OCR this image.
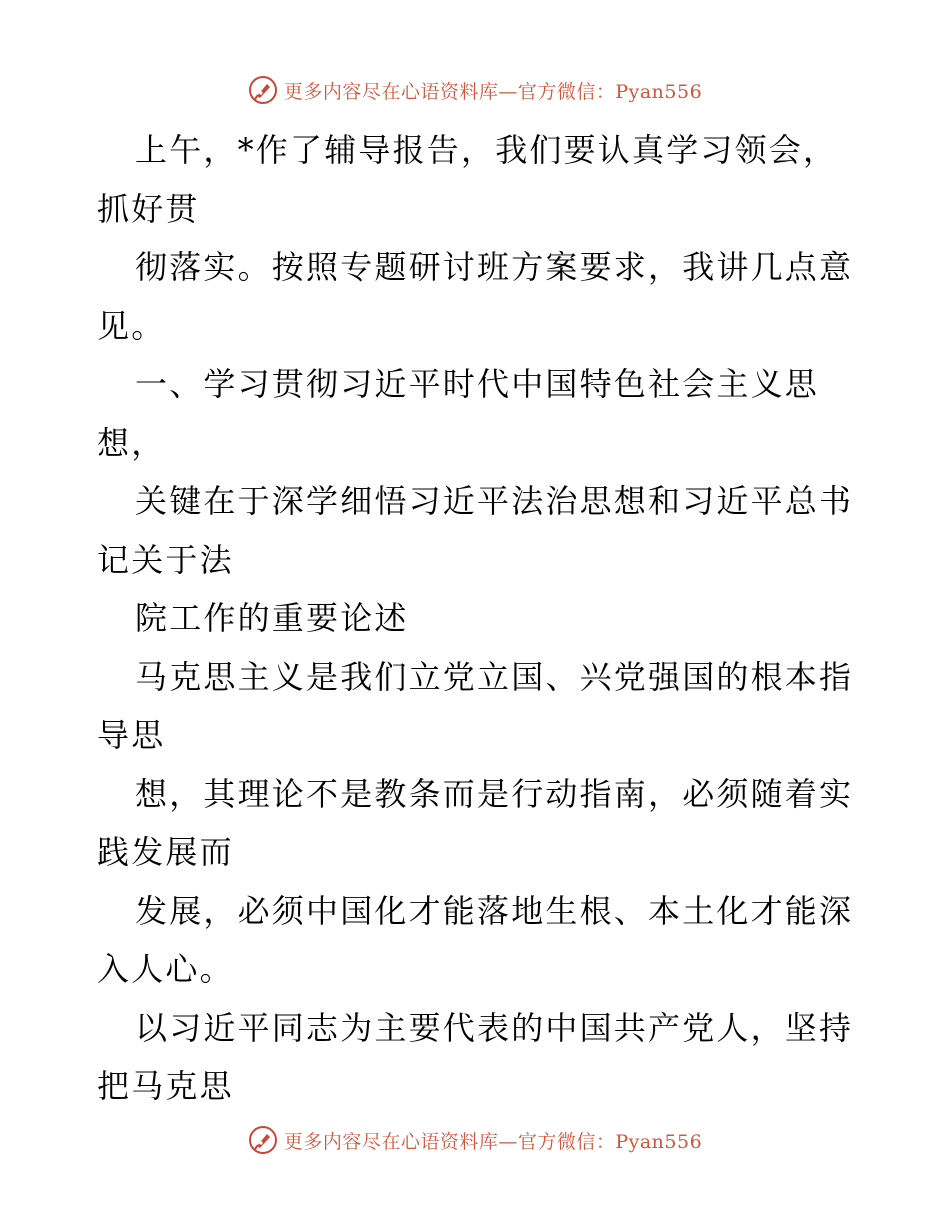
更多内容尽在心语资料库—官方微信：Pyan556
上午，*作了辅导报告，我们要认真学习领会，
抓好贯
彻落实。按照专题研讨班方案要求，我讲几点意
见。
一、学习贯彻习近平时代中国特色社会主义思
想，
关键在于深学细悟习近平法治思想和习近平总书
记关于法
院工作的重要论述
马克思主义是我们立党立国、兴党强国的根本指
导思
想，其理论不是教条而是行动指南，必须随着实
践发展而
发展，必须中国化才能落地生根、本土化才能深
入人心。
以习近平同志为主要代表的中国共产党人，坚持
把马克思
更多内容尽在心语资料库—官方微信：Pyan556
